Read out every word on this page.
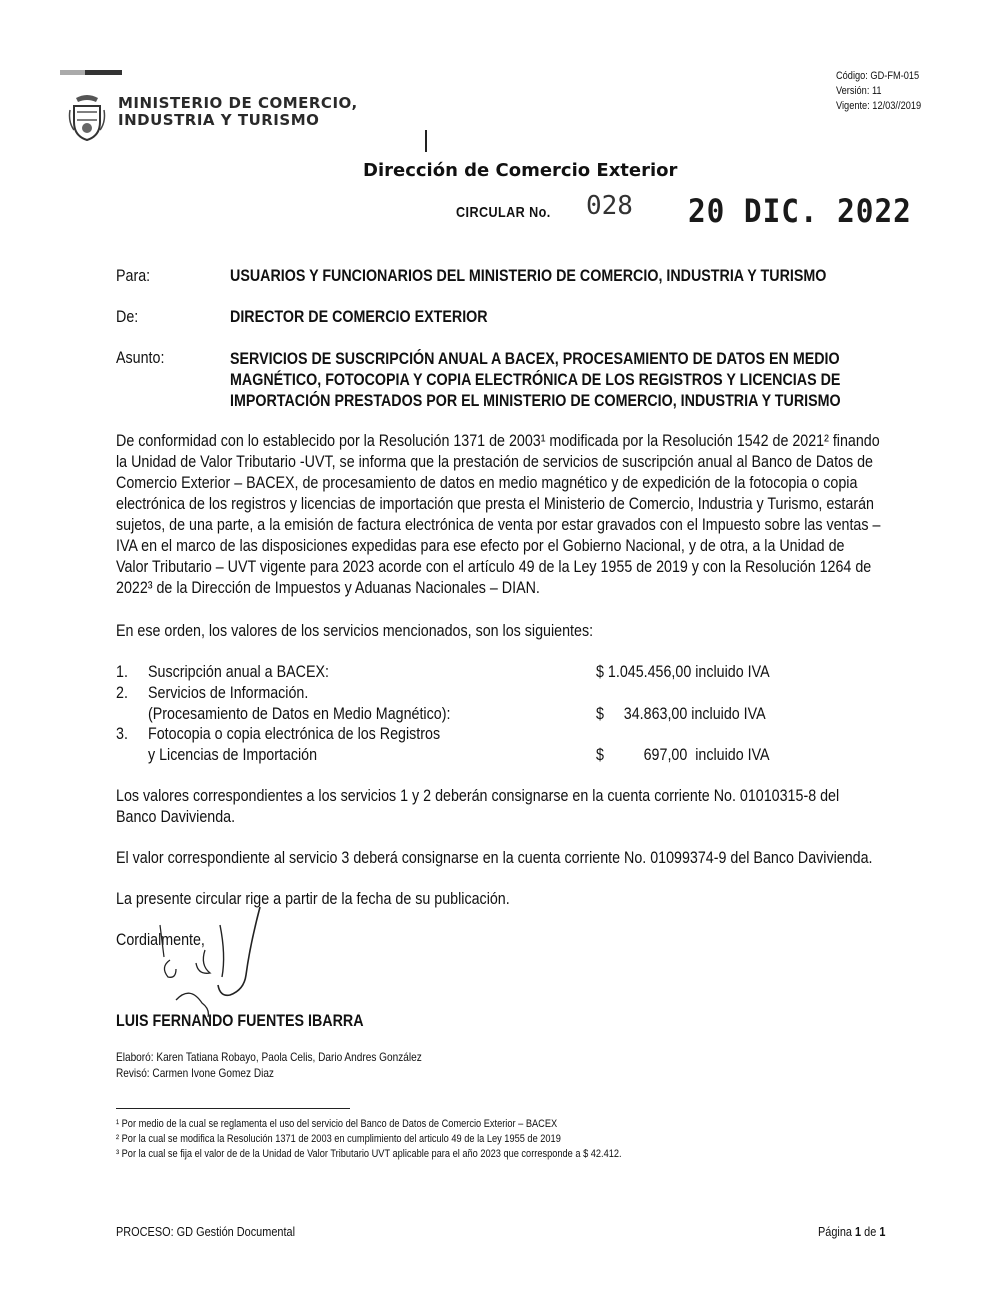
MINISTERIO DE COMERCIO,
INDUSTRIA Y TURISMO
Código: GD-FM-015
Versión: 11
Vigente: 12/03//2019
Dirección de Comercio Exterior
CIRCULAR No. 028 20 DIC. 2022
Para:	USUARIOS Y FUNCIONARIOS DEL MINISTERIO DE COMERCIO, INDUSTRIA Y TURISMO
De:	DIRECTOR DE COMERCIO EXTERIOR
Asunto:	SERVICIOS DE SUSCRIPCIÓN ANUAL A BACEX, PROCESAMIENTO DE DATOS EN MEDIO
MAGNÉTICO, FOTOCOPIA Y COPIA ELECTRÓNICA DE LOS REGISTROS Y LICENCIAS DE
IMPORTACIÓN PRESTADOS POR EL MINISTERIO DE COMERCIO, INDUSTRIA Y TURISMO
De conformidad con lo establecido por la Resolución 1371 de 2003¹ modificada por la Resolución 1542 de 2021² finando
la Unidad de Valor Tributario -UVT, se informa que la prestación de servicios de suscripción anual al Banco de Datos de
Comercio Exterior – BACEX, de procesamiento de datos en medio magnético y de expedición de la fotocopia o copia
electrónica de los registros y licencias de importación que presta el Ministerio de Comercio, Industria y Turismo, estarán
sujetos, de una parte, a la emisión de factura electrónica de venta por estar gravados con el Impuesto sobre las ventas –
IVA en el marco de las disposiciones expedidas para ese efecto por el Gobierno Nacional, y de otra, a la Unidad de
Valor Tributario – UVT vigente para 2023 acorde con el artículo 49 de la Ley 1955 de 2019 y con la Resolución 1264 de
2022³ de la Dirección de Impuestos y Aduanas Nacionales – DIAN.
En ese orden, los valores de los servicios mencionados, son los siguientes:
1. Suscripción anual a BACEX:	$ 1.045.456,00 incluido IVA
2. Servicios de Información.
(Procesamiento de Datos en Medio Magnético):	$     34.863,00 incluido IVA
3. Fotocopia o copia electrónica de los Registros
y Licencias de Importación	$          697,00  incluido IVA
Los valores correspondientes a los servicios 1 y 2 deberán consignarse en la cuenta corriente No. 01010315-8 del
Banco Davivienda.
El valor correspondiente al servicio 3 deberá consignarse en la cuenta corriente No. 01099374-9 del Banco Davivienda.
La presente circular rige a partir de la fecha de su publicación.
Cordialmente,
LUIS FERNANDO FUENTES IBARRA
Elaboró: Karen Tatiana Robayo, Paola Celis, Dario Andres González
Revisó: Carmen Ivone Gomez Diaz
¹ Por medio de la cual se reglamenta el uso del servicio del Banco de Datos de Comercio Exterior – BACEX
² Por la cual se modifica la Resolución 1371 de 2003 en cumplimiento del articulo 49 de la Ley 1955 de 2019
³ Por la cual se fija el valor de de la Unidad de Valor Tributario UVT aplicable para el año 2023 que corresponde a $ 42.412.
PROCESO: GD Gestión Documental	Página 1 de 1
